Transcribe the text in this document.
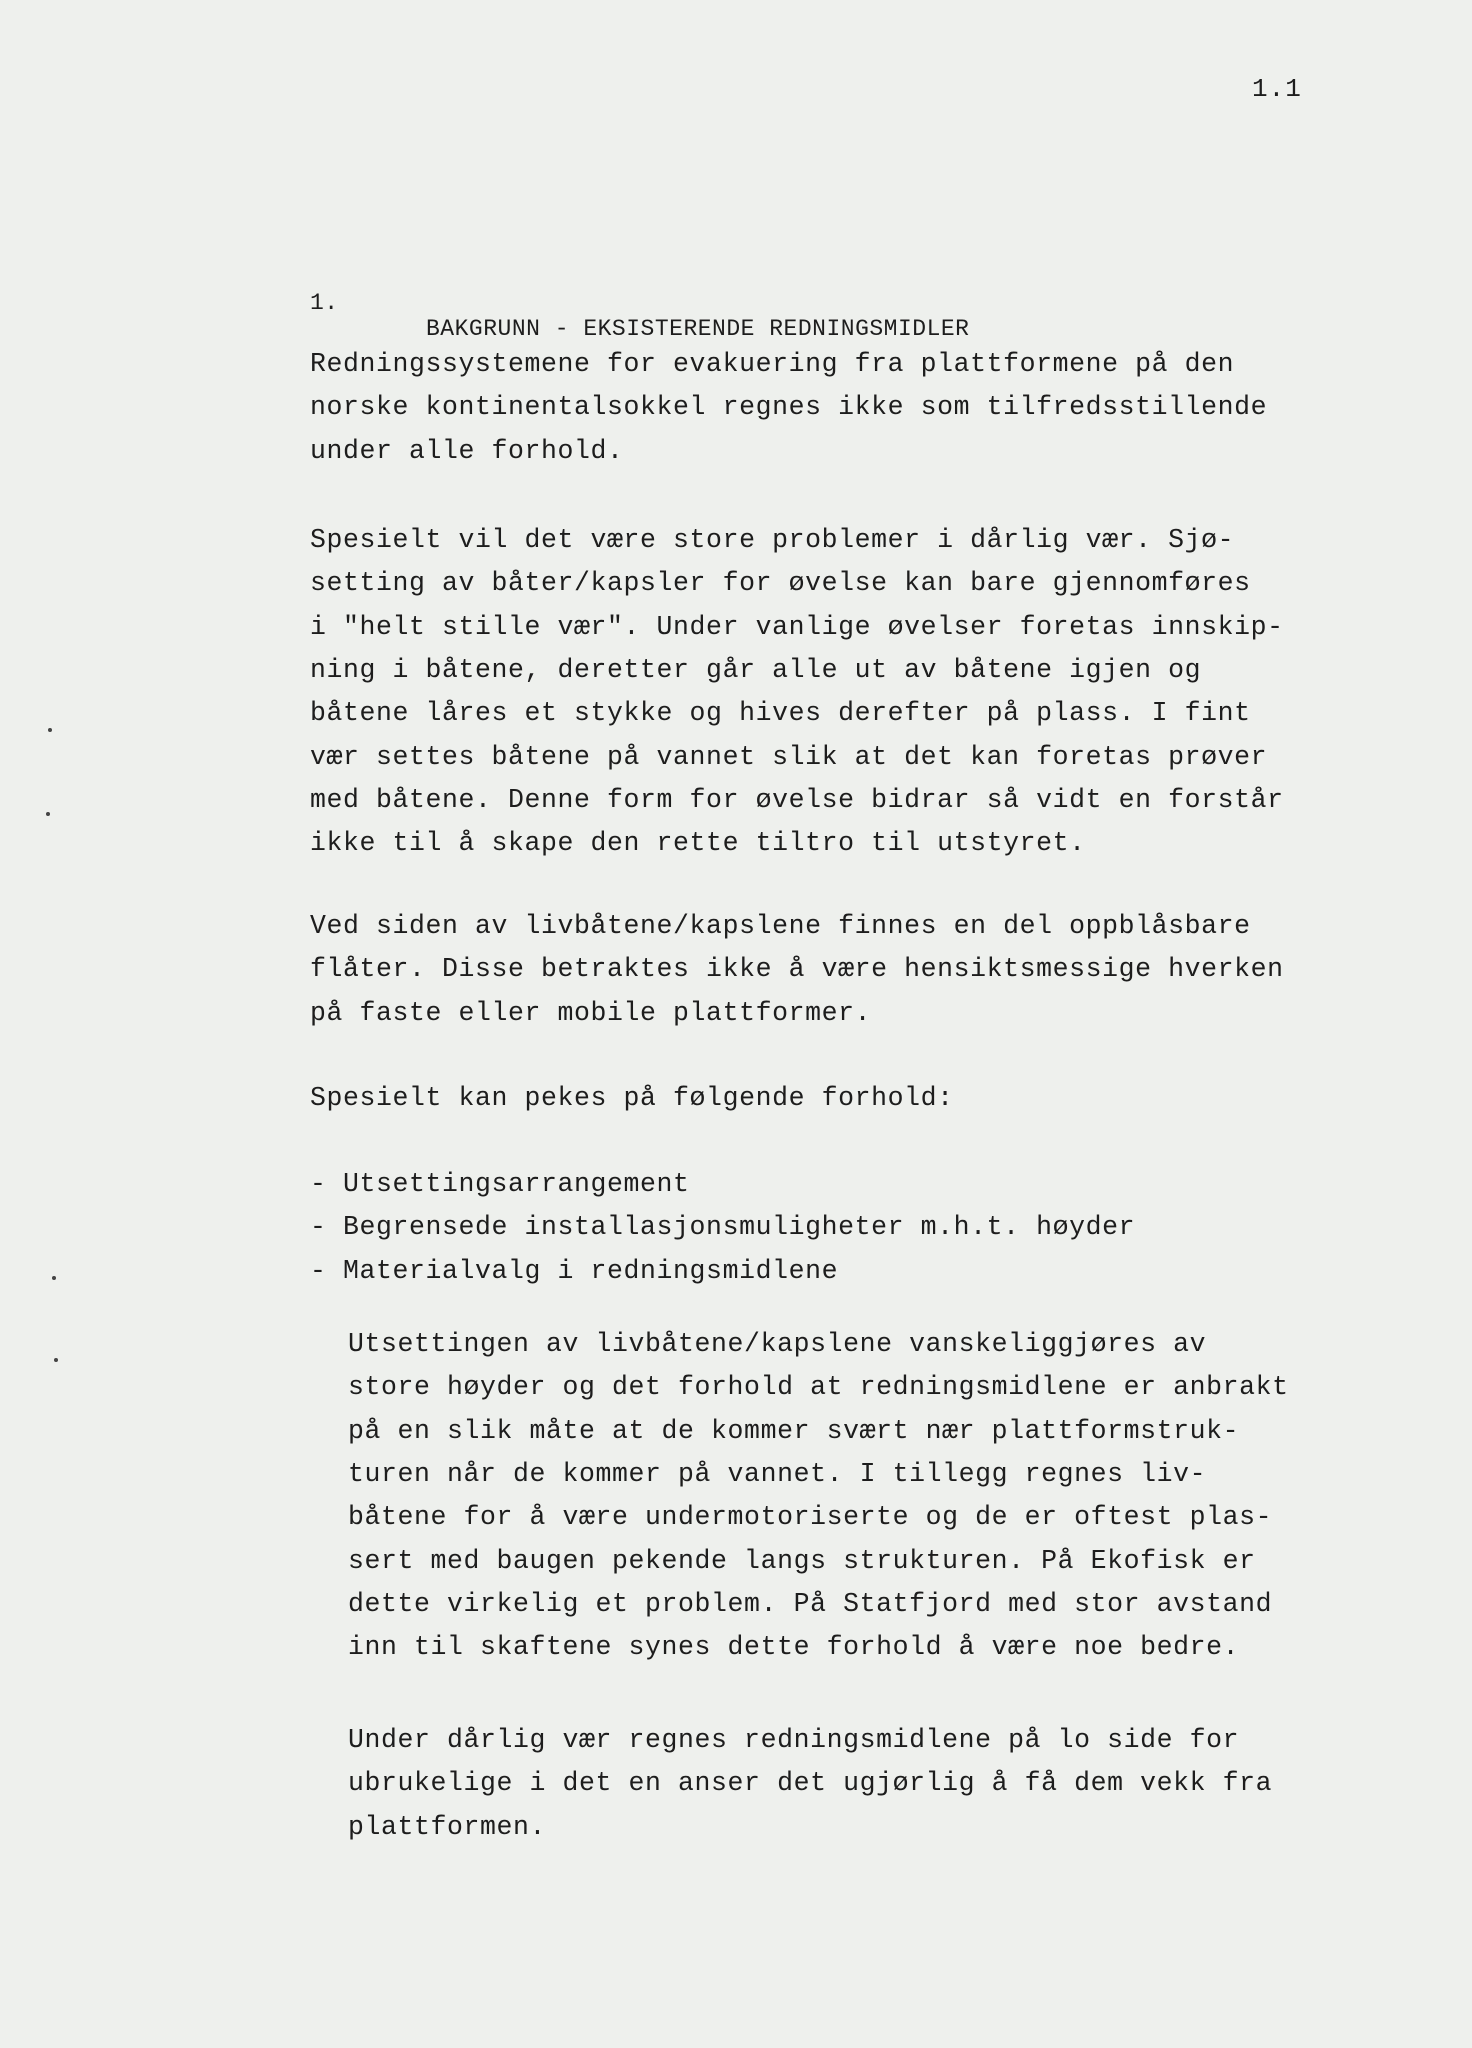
1.1

1.

BAKGRUNN - EKSISTERENDE REDNINGSMIDLER

Redningssystemene for evakuering fra plattformene på den
norske kontinentalsokkel regnes ikke som tilfredsstillende
under alle forhold.
Spesielt vil det være store problemer i dårlig vær. Sjø-
setting av båter/kapsler for øvelse kan bare gjennomføres
i "helt stille vær". Under vanlige øvelser foretas innskip-
ning i båtene, deretter går alle ut av båtene igjen og
båtene låres et stykke og hives derefter på plass. I fint
vær settes båtene på vannet slik at det kan foretas prøver
med båtene. Denne form for øvelse bidrar så vidt en forstår
ikke til å skape den rette tiltro til utstyret.
Ved siden av livbåtene/kapslene finnes en del oppblåsbare
flåter. Disse betraktes ikke å være hensiktsmessige hverken
på faste eller mobile plattformer.
Spesielt kan pekes på følgende forhold:
- Utsettingsarrangement
- Begrensede installasjonsmuligheter m.h.t. høyder
- Materialvalg i redningsmidlene
Utsettingen av livbåtene/kapslene vanskeliggjøres av
store høyder og det forhold at redningsmidlene er anbrakt
på en slik måte at de kommer svært nær plattformstruk-
turen når de kommer på vannet. I tillegg regnes liv-
båtene for å være undermotoriserte og de er oftest plas-
sert med baugen pekende langs strukturen. På Ekofisk er
dette virkelig et problem. På Statfjord med stor avstand
inn til skaftene synes dette forhold å være noe bedre.
Under dårlig vær regnes redningsmidlene på lo side for
ubrukelige i det en anser det ugjørlig å få dem vekk fra
plattformen.
